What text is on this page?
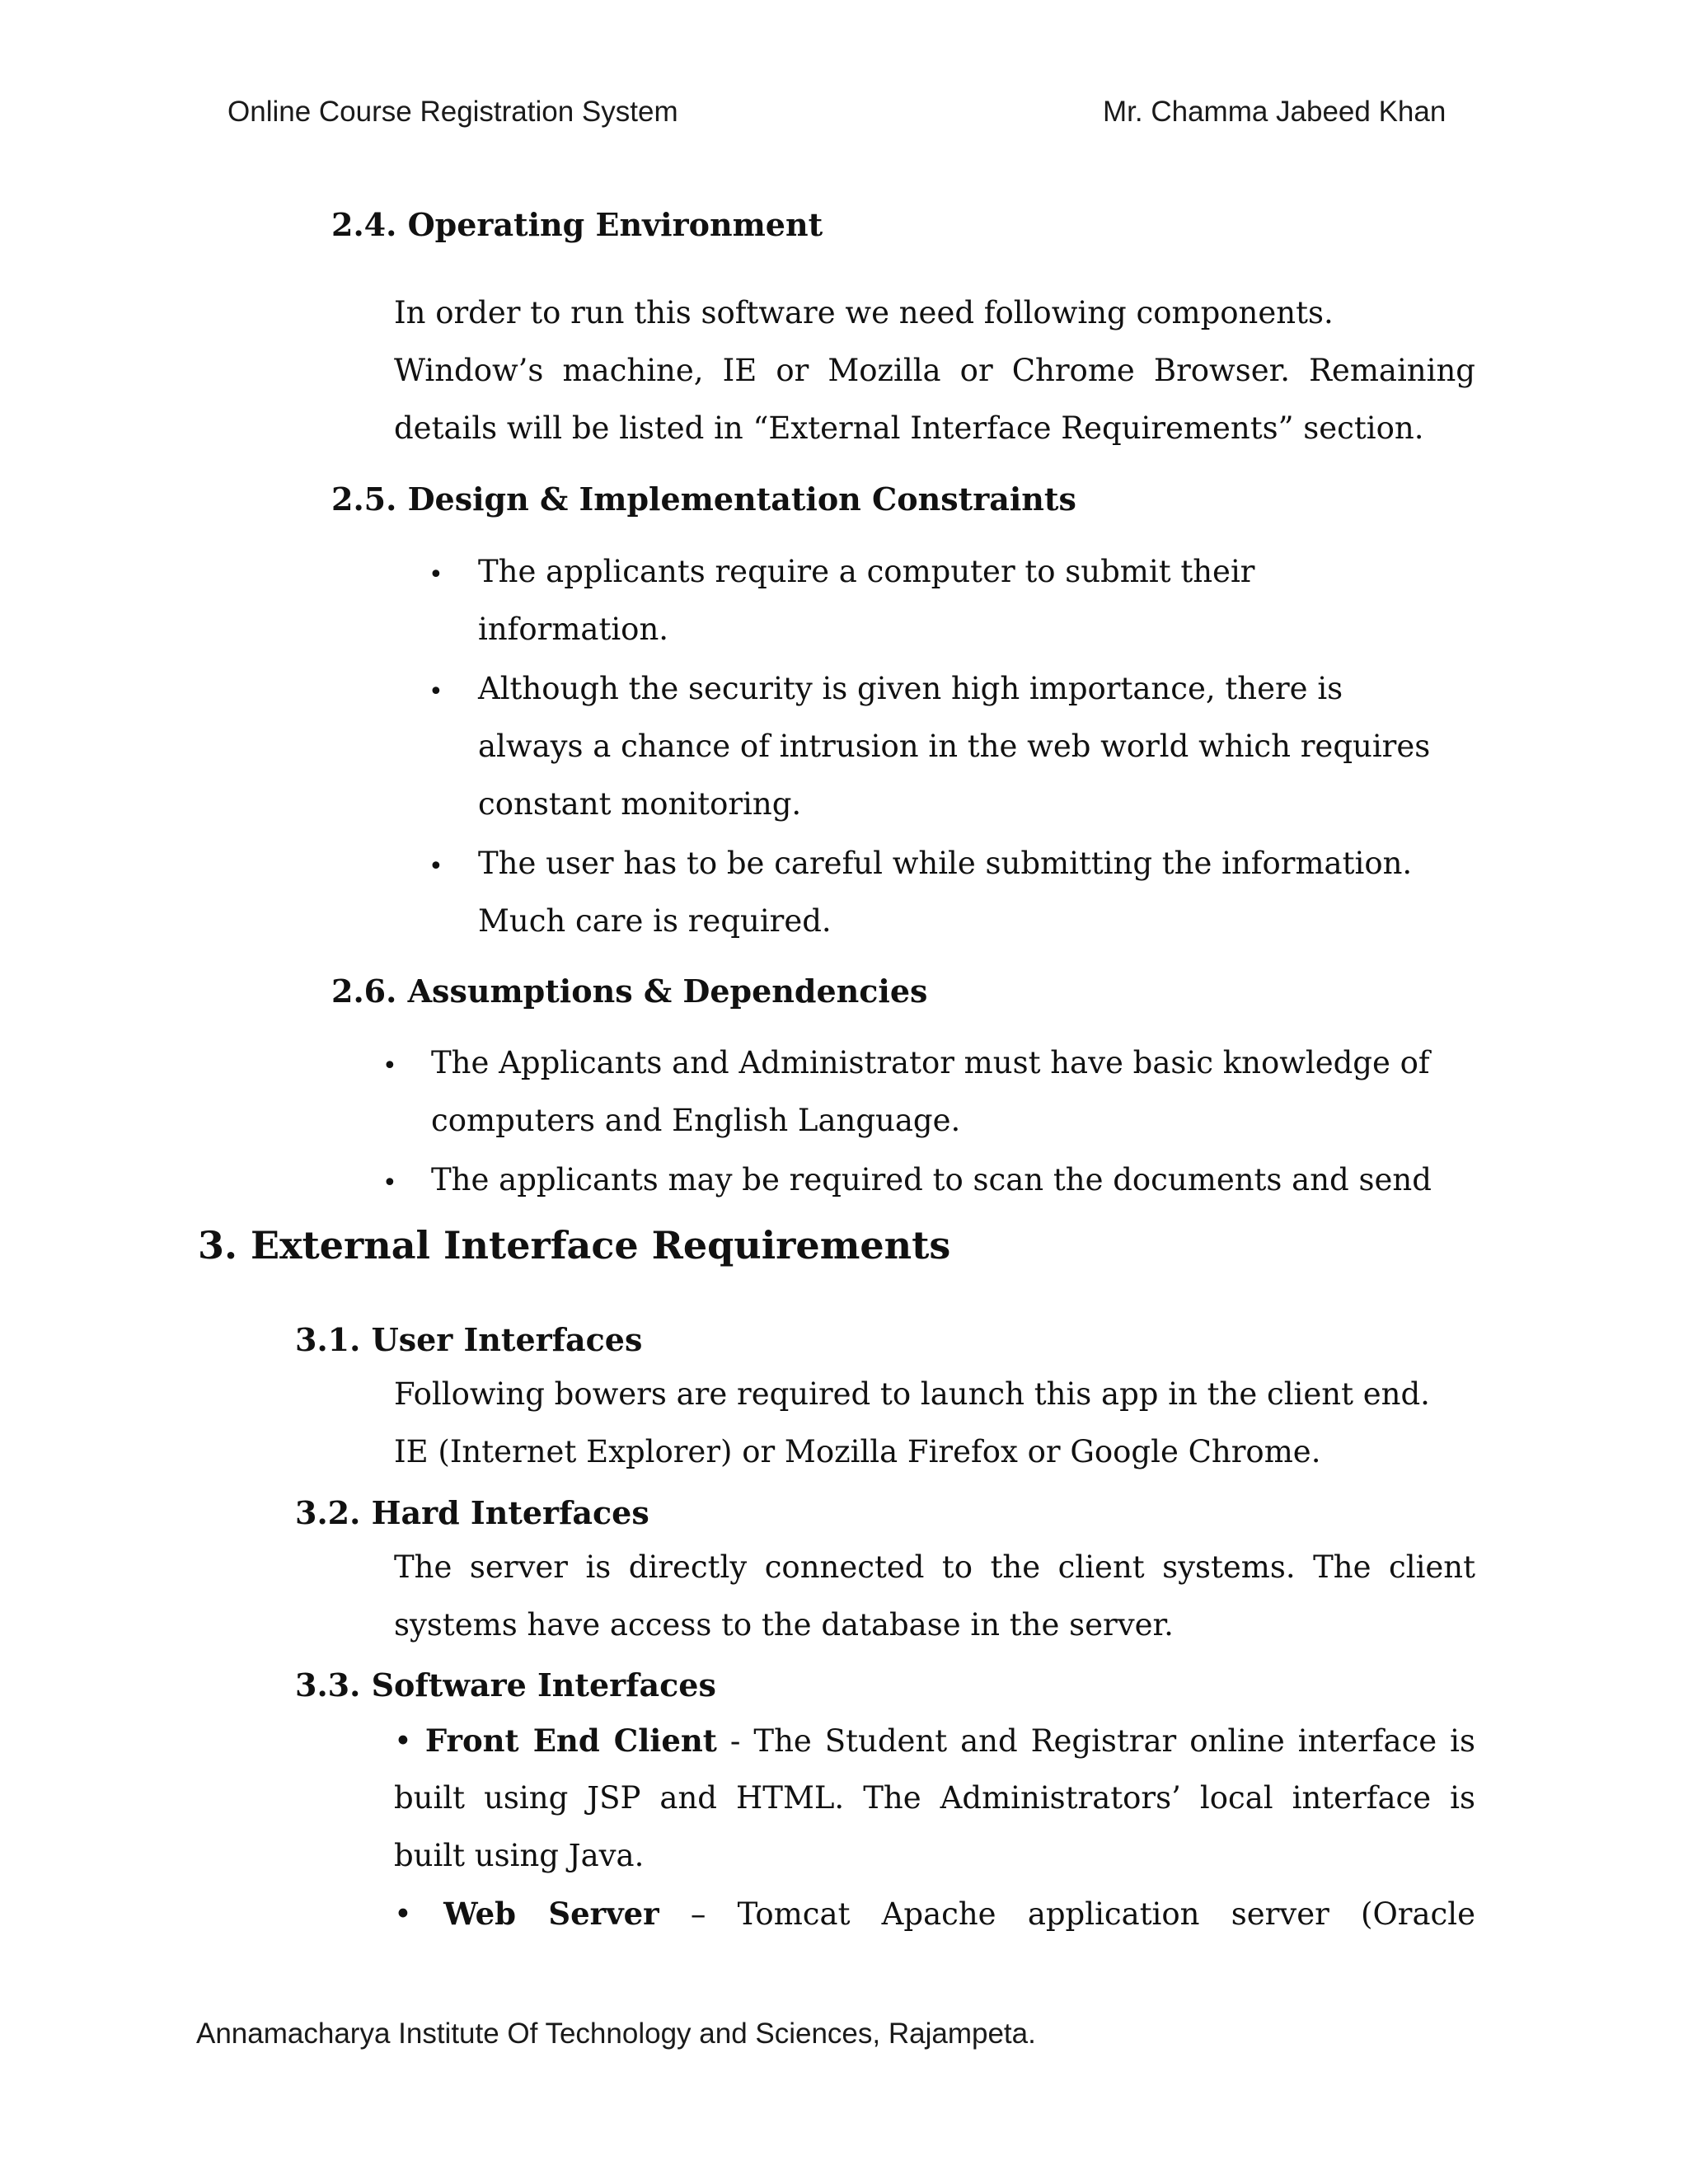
Online Course Registration System	Mr. Chamma Jabeed Khan
2.4. Operating Environment
In order to run this software we need following components.
Window’s machine, IE or Mozilla or Chrome Browser. Remaining
details will be listed in “External Interface Requirements” section.
2.5. Design & Implementation Constraints
• The applicants require a computer to submit their
information.
• Although the security is given high importance, there is
always a chance of intrusion in the web world which requires
constant monitoring.
• The user has to be careful while submitting the information.
Much care is required.
2.6. Assumptions & Dependencies
• The Applicants and Administrator must have basic knowledge of
computers and English Language.
• The applicants may be required to scan the documents and send
3. External Interface Requirements
3.1. User Interfaces
Following bowers are required to launch this app in the client end.
IE (Internet Explorer) or Mozilla Firefox or Google Chrome.
3.2. Hard Interfaces
The server is directly connected to the client systems. The client
systems have access to the database in the server.
3.3. Software Interfaces
• Front End Client - The Student and Registrar online interface is
built using JSP and HTML. The Administrators’ local interface is
built using Java.
• Web Server – Tomcat Apache application server (Oracle
Annamacharya Institute Of Technology and Sciences, Rajampeta.
